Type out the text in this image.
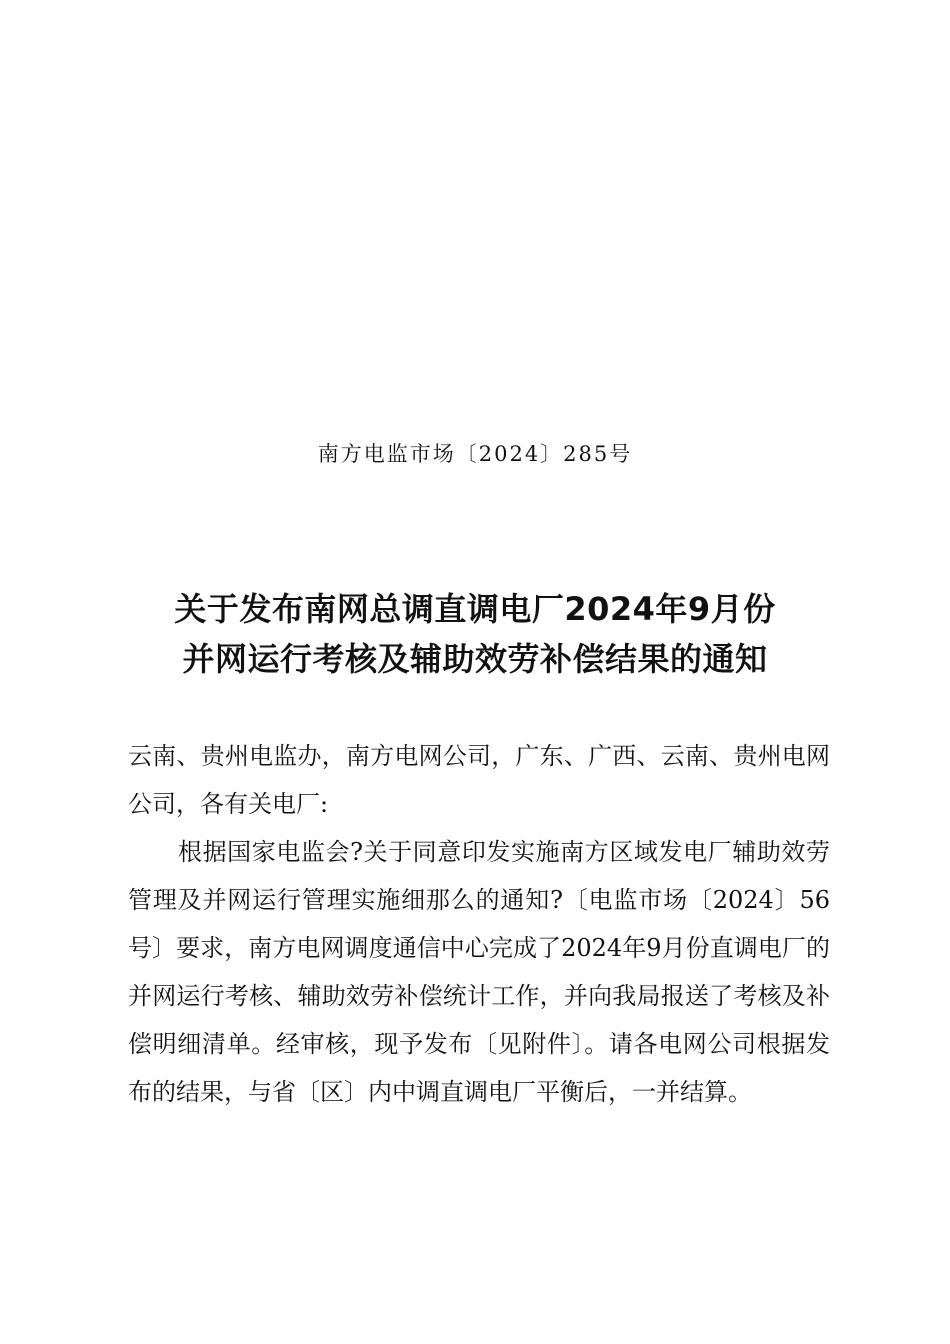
南方电监市场〔2024〕285号
关于发布南网总调直调电厂2024年9月份
并网运行考核及辅助效劳补偿结果的通知
云南、贵州电监办，南方电网公司，广东、广西、云南、贵州电网公司，各有关电厂:
根据国家电监会?关于同意印发实施南方区域发电厂辅助效劳管理及并网运行管理实施细那么的通知?〔电监市场〔2024〕56号〕要求，南方电网调度通信中心完成了2024年9月份直调电厂的并网运行考核、辅助效劳补偿统计工作，并向我局报送了考核及补偿明细清单。经审核，现予发布〔见附件〕。请各电网公司根据发布的结果，与省〔区〕内中调直调电厂平衡后，一并结算。
